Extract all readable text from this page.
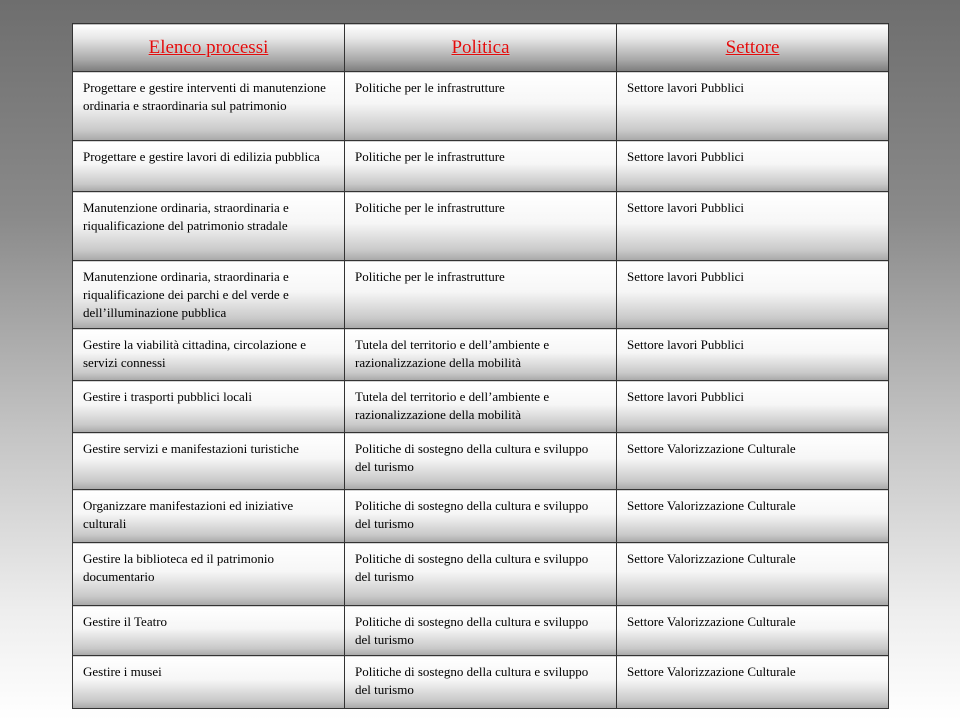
Elenco processi	Politica	Settore
Progettare e gestire interventi di manutenzione ordinaria e straordinaria sul patrimonio	Politiche per le infrastrutture	Settore lavori Pubblici
Progettare e gestire lavori di edilizia pubblica	Politiche per le infrastrutture	Settore lavori Pubblici
Manutenzione ordinaria, straordinaria e riqualificazione del patrimonio stradale	Politiche per le infrastrutture	Settore lavori Pubblici
Manutenzione ordinaria, straordinaria e riqualificazione dei parchi e del verde e dell’illuminazione pubblica	Politiche per le infrastrutture	Settore lavori Pubblici
Gestire la viabilità cittadina, circolazione e servizi connessi	Tutela del territorio e dell’ambiente e razionalizzazione della mobilità	Settore lavori Pubblici
Gestire i trasporti pubblici locali	Tutela del territorio e dell’ambiente e razionalizzazione della mobilità	Settore lavori Pubblici
Gestire servizi e manifestazioni turistiche	Politiche di sostegno della cultura e sviluppo del turismo	Settore Valorizzazione Culturale
Organizzare manifestazioni ed iniziative culturali	Politiche di sostegno della cultura e sviluppo del turismo	Settore Valorizzazione Culturale
Gestire la biblioteca ed il patrimonio documentario	Politiche di sostegno della cultura e sviluppo del turismo	Settore Valorizzazione Culturale
Gestire il Teatro	Politiche di sostegno della cultura e sviluppo del turismo	Settore Valorizzazione Culturale
Gestire i musei	Politiche di sostegno della cultura e sviluppo del turismo	Settore Valorizzazione Culturale
